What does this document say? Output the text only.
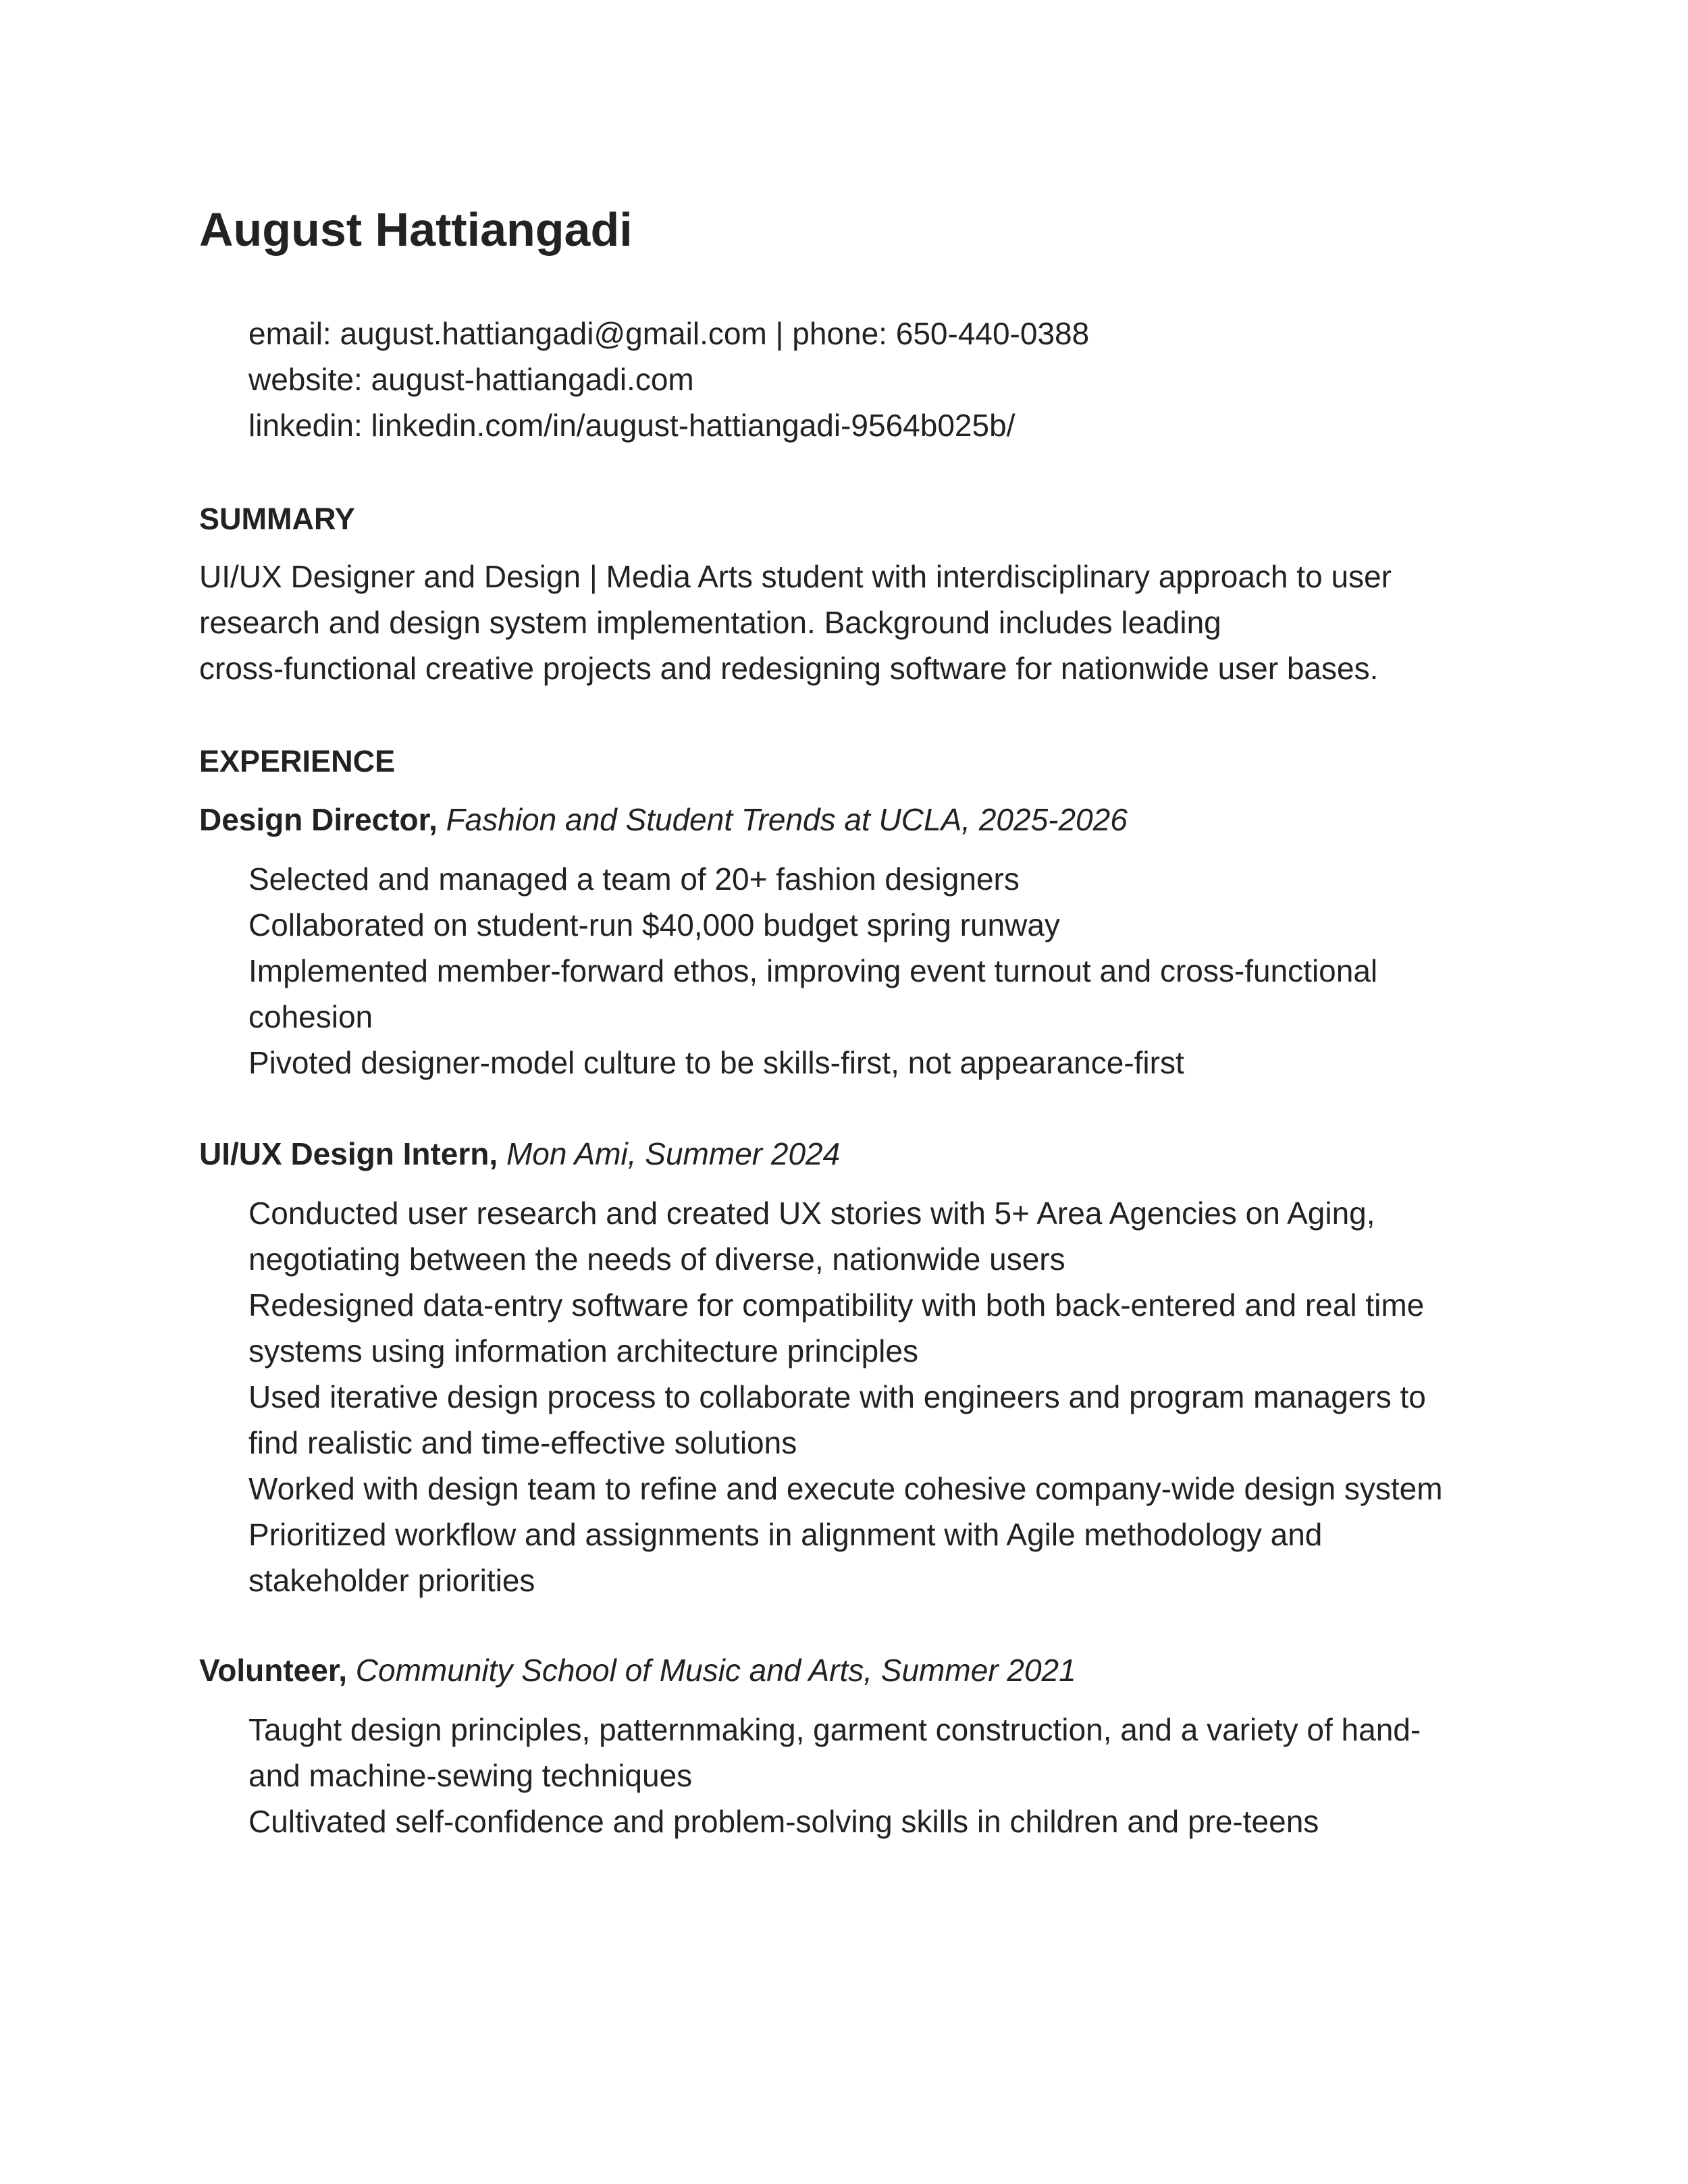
August Hattiangadi
email: august.hattiangadi@gmail.com | phone: 650-440-0388
website: august-hattiangadi.com
linkedin: linkedin.com/in/august-hattiangadi-9564b025b/
SUMMARY
UI/UX Designer and Design | Media Arts student with interdisciplinary approach to user
research and design system implementation. Background includes leading
cross-functional creative projects and redesigning software for nationwide user bases.
EXPERIENCE
Design Director, Fashion and Student Trends at UCLA, 2025-2026
Selected and managed a team of 20+ fashion designers
Collaborated on student-run $40,000 budget spring runway
Implemented member-forward ethos, improving event turnout and cross-functional
cohesion
Pivoted designer-model culture to be skills-first, not appearance-first
UI/UX Design Intern, Mon Ami, Summer 2024
Conducted user research and created UX stories with 5+ Area Agencies on Aging,
negotiating between the needs of diverse, nationwide users
Redesigned data-entry software for compatibility with both back-entered and real time
systems using information architecture principles
Used iterative design process to collaborate with engineers and program managers to
find realistic and time-effective solutions
Worked with design team to refine and execute cohesive company-wide design system
Prioritized workflow and assignments in alignment with Agile methodology and
stakeholder priorities
Volunteer, Community School of Music and Arts, Summer 2021
Taught design principles, patternmaking, garment construction, and a variety of hand-
and machine-sewing techniques
Cultivated self-confidence and problem-solving skills in children and pre-teens
